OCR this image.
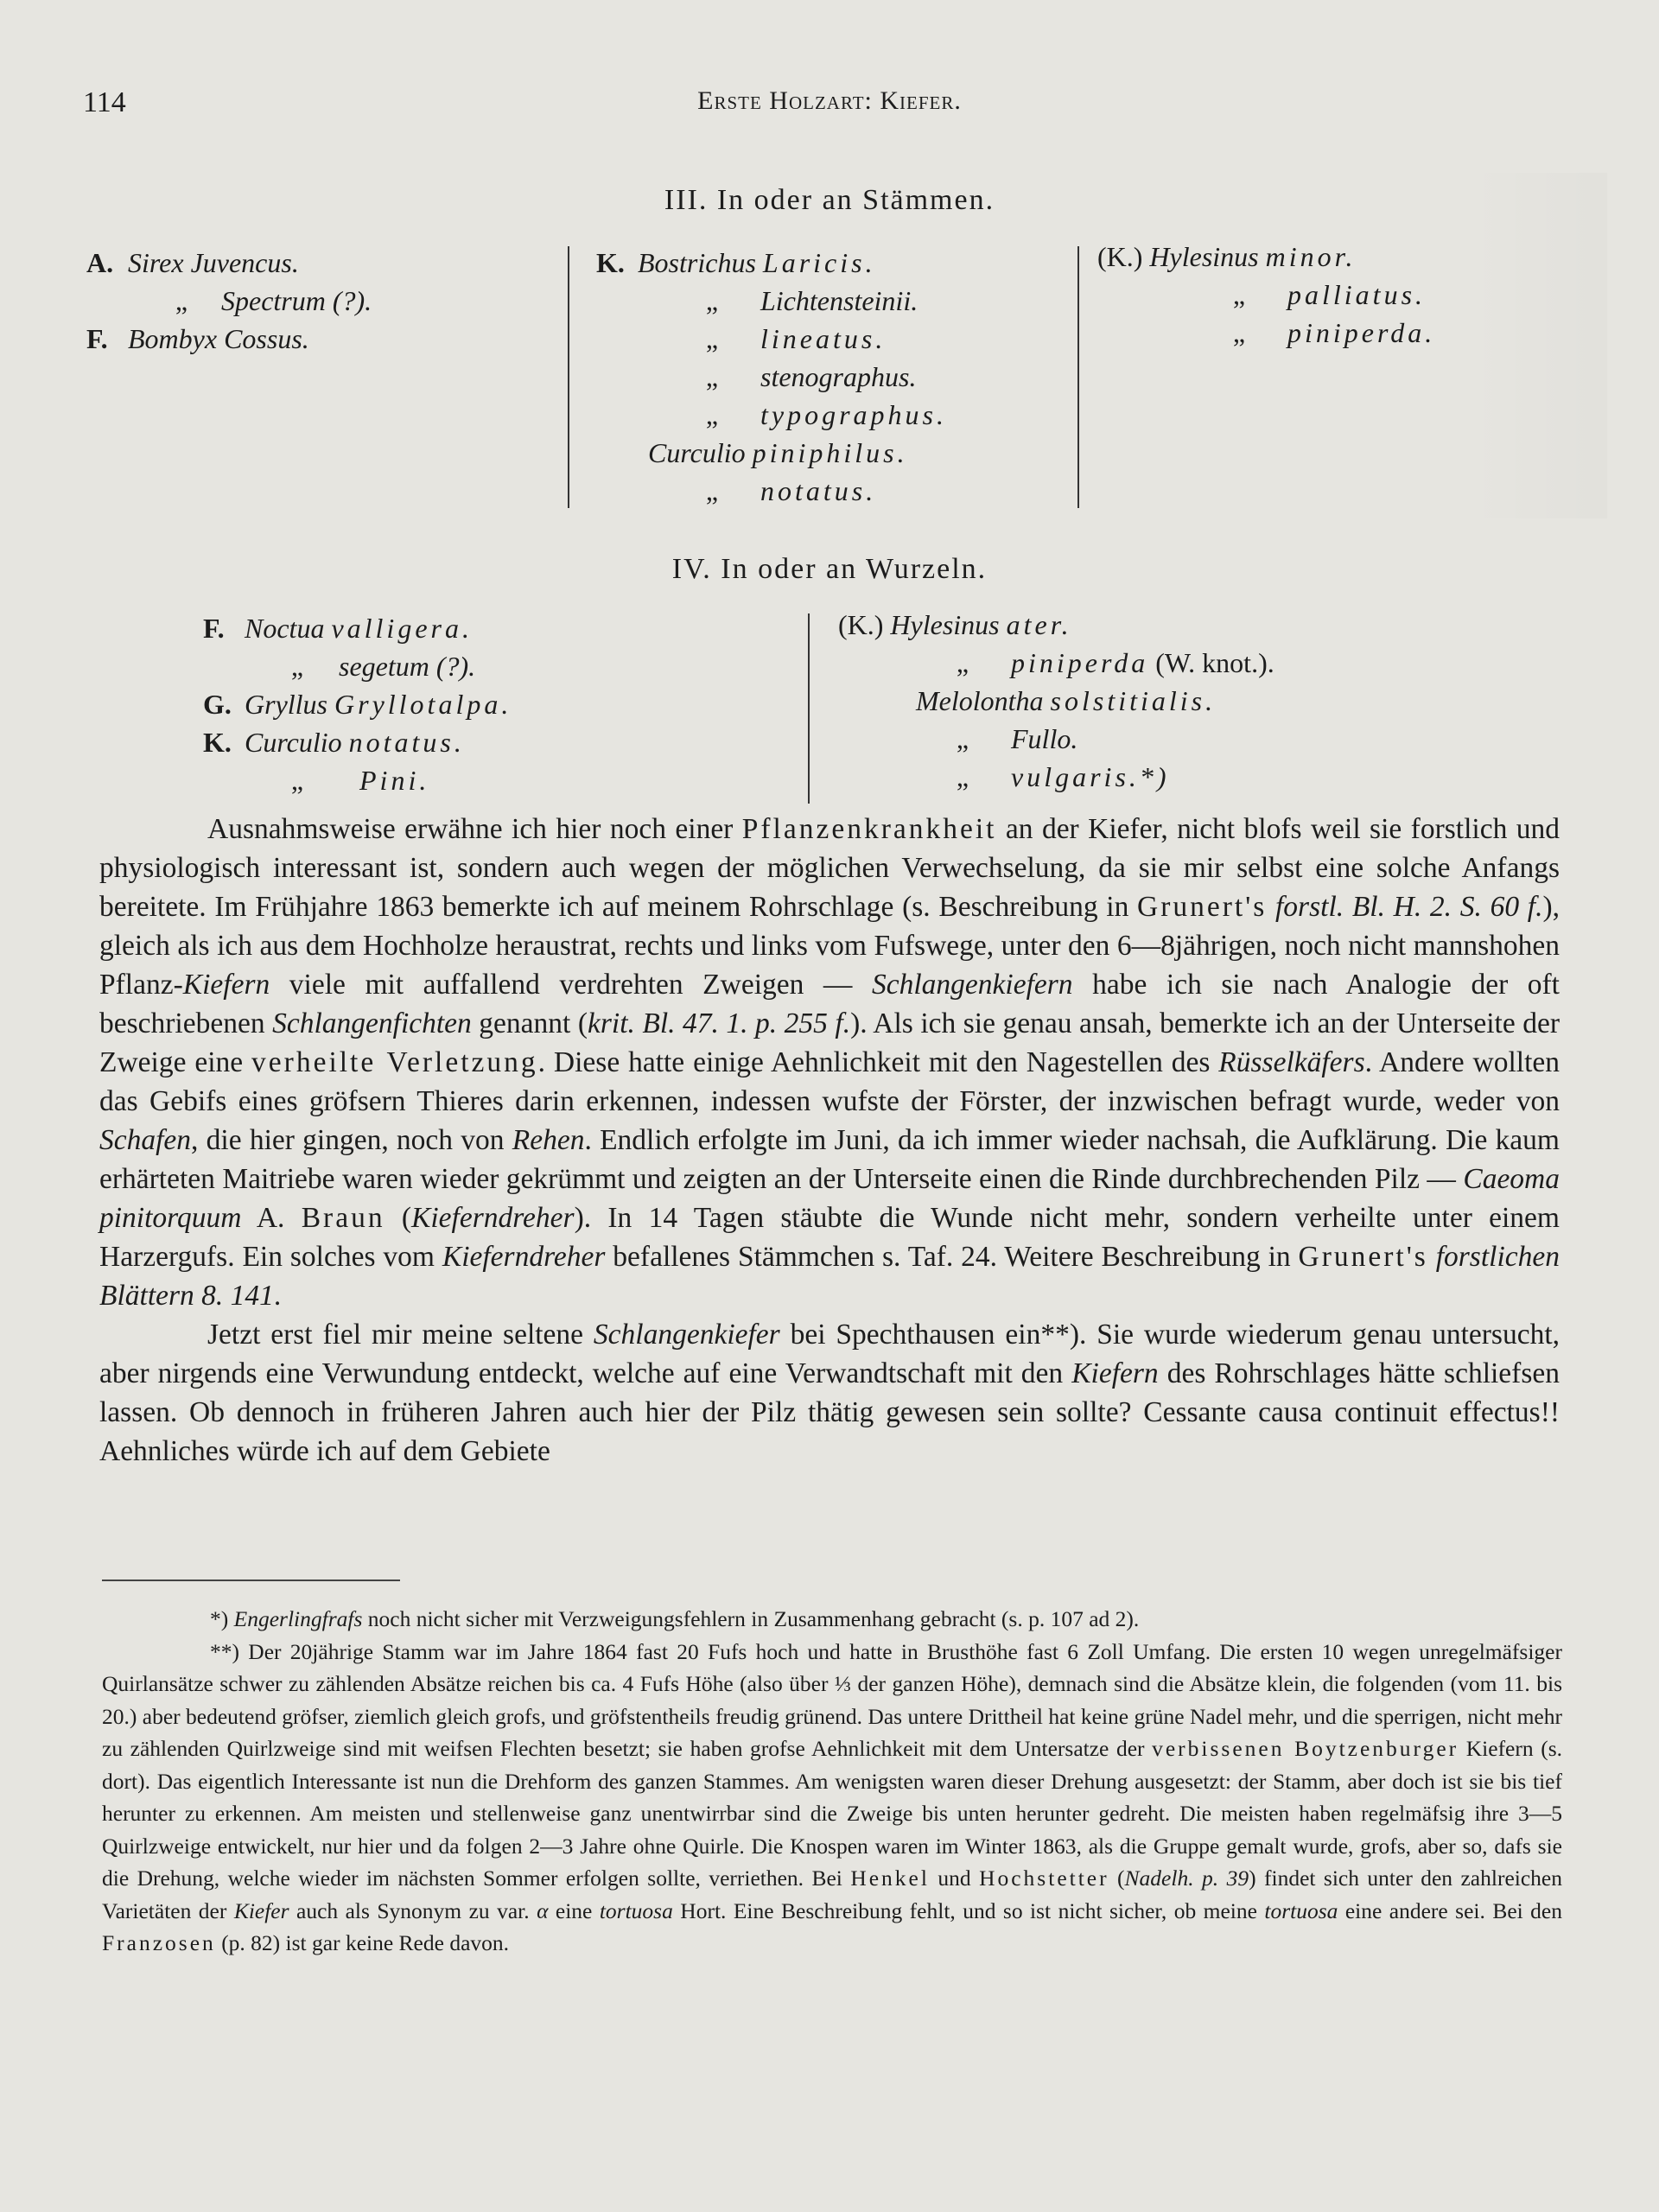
114	Erste Holzart: Kiefer.
III. In oder an Stämmen.
A. Sirex Juvencus.
„ Spectrum (?).
F. Bombyx Cossus.
K. Bostrichus Laricis.
„ Lichtensteinii.
„ lineatus.
„ stenographus.
„ typographus.
Curculio piniphilus.
„ notatus.
(K.) Hylesinus minor.
„ palliatus.
„ piniperda.
IV. In oder an Wurzeln.
F. Noctua valligera.
„ segetum (?).
G. Gryllus Gryllotalpa.
K. Curculio notatus.
„ Pini.
(K.) Hylesinus ater.
„ piniperda (W. knot.).
Melolontha solstitialis.
„ Fullo.
„ vulgaris.*)

Ausnahmsweise erwähne ich hier noch einer Pflanzenkrankheit an der Kiefer, nicht blofs weil sie forstlich und physiologisch interessant ist, sondern auch wegen der möglichen Verwechselung, da sie mir selbst eine solche Anfangs bereitete. Im Frühjahre 1863 bemerkte ich auf meinem Rohrschlage (s. Beschreibung in Grunert's forstl. Bl. H. 2. S. 60 f.), gleich als ich aus dem Hochholze heraustrat, rechts und links vom Fufswege, unter den 6—8jährigen, noch nicht mannshohen Pflanz-Kiefern viele mit auffallend verdrehten Zweigen — Schlangenkiefern habe ich sie nach Analogie der oft beschriebenen Schlangenfichten genannt (krit. Bl. 47. 1. p. 255 f.). Als ich sie genau ansah, bemerkte ich an der Unterseite der Zweige eine verheilte Verletzung. Diese hatte einige Aehnlichkeit mit den Nagestellen des Rüsselkäfers. Andere wollten das Gebifs eines gröfsern Thieres darin erkennen, indessen wufste der Förster, der inzwischen befragt wurde, weder von Schafen, die hier gingen, noch von Rehen. Endlich erfolgte im Juni, da ich immer wieder nachsah, die Aufklärung. Die kaum erhärteten Maitriebe waren wieder gekrümmt und zeigten an der Unterseite einen die Rinde durchbrechenden Pilz — Caeoma pinitorquum A. Braun (Kieferndreher). In 14 Tagen stäubte die Wunde nicht mehr, sondern verheilte unter einem Harzergufs. Ein solches vom Kieferndreher befallenes Stämmchen s. Taf. 24. Weitere Beschreibung in Grunert's forstlichen Blättern 8. 141.

Jetzt erst fiel mir meine seltene Schlangenkiefer bei Spechthausen ein**). Sie wurde wiederum genau untersucht, aber nirgends eine Verwundung entdeckt, welche auf eine Verwandtschaft mit den Kiefern des Rohrschlages hätte schliefsen lassen. Ob dennoch in früheren Jahren auch hier der Pilz thätig gewesen sein sollte? Cessante causa continuit effectus!! Aehnliches würde ich auf dem Gebiete

*) Engerlingfrafs noch nicht sicher mit Verzweigungsfehlern in Zusammenhang gebracht (s. p. 107 ad 2).

**) Der 20jährige Stamm war im Jahre 1864 fast 20 Fufs hoch und hatte in Brusthöhe fast 6 Zoll Umfang. Die ersten 10 wegen unregelmäfsiger Quirlansätze schwer zu zählenden Absätze reichen bis ca. 4 Fufs Höhe (also über ⅓ der ganzen Höhe), demnach sind die Absätze klein, die folgenden (vom 11. bis 20.) aber bedeutend gröfser, ziemlich gleich grofs, und gröfstentheils freudig grünend. Das untere Drittheil hat keine grüne Nadel mehr, und die sperrigen, nicht mehr zu zählenden Quirlzweige sind mit weifsen Flechten besetzt; sie haben grofse Aehnlichkeit mit dem Untersatze der verbissenen Boytzenburger Kiefern (s. dort). Das eigentlich Interessante ist nun die Drehform des ganzen Stammes. Am wenigsten waren dieser Drehung ausgesetzt: der Stamm, aber doch ist sie bis tief herunter zu erkennen. Am meisten und stellenweise ganz unentwirrbar sind die Zweige bis unten herunter gedreht. Die meisten haben regelmäfsig ihre 3—5 Quirlzweige entwickelt, nur hier und da folgen 2—3 Jahre ohne Quirle. Die Knospen waren im Winter 1863, als die Gruppe gemalt wurde, grofs, aber so, dafs sie die Drehung, welche wieder im nächsten Sommer erfolgen sollte, verriethen. Bei Henkel und Hochstetter (Nadelh. p. 39) findet sich unter den zahlreichen Varietäten der Kiefer auch als Synonym zu var. α eine tortuosa Hort. Eine Beschreibung fehlt, und so ist nicht sicher, ob meine tortuosa eine andere sei. Bei den Franzosen (p. 82) ist gar keine Rede davon.
